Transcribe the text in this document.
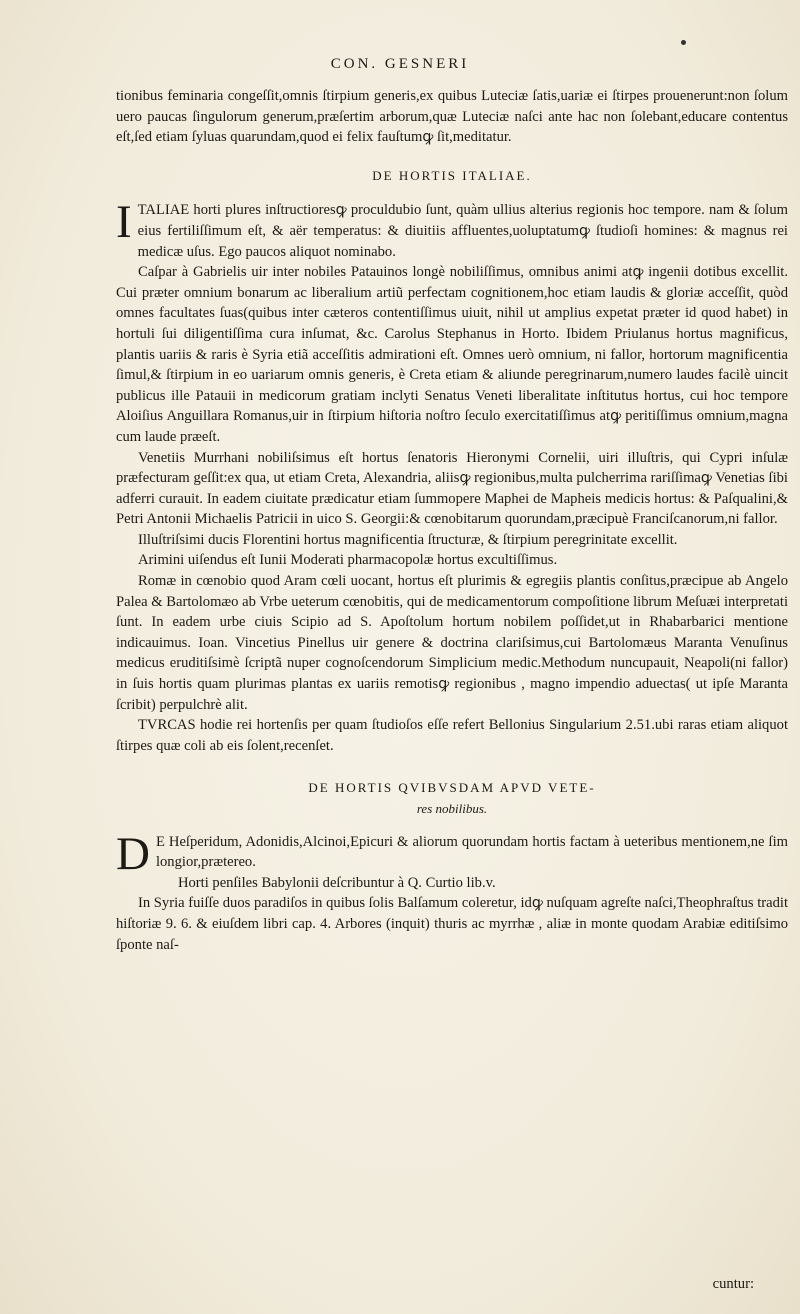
CON. GESNERI

tionibus feminaria congeſſit,omnis ſtirpium generis,ex quibus Luteciæ ſatis,uariæ ei ſtirpes prouenerunt:non ſolum uero paucas ſingulorum generum,præſertim arborum,quæ Luteciæ naſci ante hac non ſolebant,educare contentus eſt,ſed etiam ſyluas quarundam,quod ei felix fauſtumꝙ ſit,meditatur.

DE HORTIS ITALIAE.
I TALIAE horti plures inſtructioresꝙ proculdubio ſunt, quàm ullius alterius regionis hoc tempore. nam & ſolum eius fertiliſſimum eſt, & aër temperatus: & diuitiis affluentes,uoluptatumꝙ ſtudioſi homines: & magnus rei medicæ uſus. Ego paucos aliquot nominabo.

Caſpar à Gabrielis uir inter nobiles Patauinos longè nobiliſſimus, omnibus animi atꝙ ingenii dotibus excellit. Cui præter omnium bonarum ac liberalium artiũ perfectam cognitionem,hoc etiam laudis & gloriæ acceſſit, quòd omnes facultates ſuas(quibus inter cæteros contentiſſimus uiuit, nihil ut amplius expetat præter id quod habet) in hortuli ſui diligentiſſima cura inſumat, &c. Carolus Stephanus in Horto. Ibidem Priulanus hortus magnificus, plantis uariis & raris è Syria etiã acceſſitis admirationi eſt. Omnes uerò omnium, ni fallor, hortorum magnificentia ſimul,& ſtirpium in eo uariarum omnis generis, è Creta etiam & aliunde peregrinarum,numero laudes facilè uincit publicus ille Patauii in medicorum gratiam inclyti Senatus Veneti liberalitate inſtitutus hortus, cui hoc tempore Aloiſius Anguillara Romanus,uir in ſtirpium hiſtoria noſtro ſeculo exercitatiſſimus atꝙ peritiſſimus omnium,magna cum laude præeſt.

Venetiis Murrhani nobiliſsimus eſt hortus ſenatoris Hieronymi Cornelii, uiri illuſtris, qui Cypri inſulæ præfecturam geſſit:ex qua, ut etiam Creta, Alexandria, aliisꝙ regionibus,multa pulcherrima rariſſimaꝙ Venetias ſibi adferri curauit. In eadem ciuitate prædicatur etiam ſummopere Maphei de Mapheis medicis hortus: & Paſqualini,& Petri Antonii Michaelis Patricii in uico S. Georgii:& cœnobitarum quorundam,præcipuè Franciſcanorum,ni fallor.

Illuſtriſsimi ducis Florentini hortus magnificentia ſtructuræ, & ſtirpium peregrinitate excellit.

Arimini uiſendus eſt Iunii Moderati pharmacopolæ hortus excultiſſimus.

Romæ in cœnobio quod Aram cœli uocant, hortus eſt plurimis & egregiis plantis conſitus,præcipue ab Angelo Palea & Bartolomæo ab Vrbe ueterum cœnobitis, qui de medicamentorum compoſitione librum Meſuæi interpretati ſunt. In eadem urbe ciuis Scipio ad S. Apoſtolum hortum nobilem poſſidet,ut in Rhabarbarici mentione indicauimus. Ioan. Vincetius Pinellus uir genere & doctrina clariſsimus,cui Bartolomæus Maranta Venuſinus medicus eruditiſsimè ſcriptã nuper cognoſcendorum Simplicium medic.Methodum nuncupauit, Neapoli(ni fallor) in ſuis hortis quam plurimas plantas ex uariis remotisꝙ regionibus , magno impendio aduectas( ut ipſe Maranta ſcribit) perpulchrè alit.

TVRCAS hodie rei hortenſis per quam ſtudioſos eſſe refert Bellonius Singularium 2.51.ubi raras etiam aliquot ſtirpes quæ coli ab eis ſolent,recenſet.

DE HORTIS QVIBVSDAM APVD VETE-
res nobilibus.
D E Heſperidum, Adonidis,Alcinoi,Epicuri & aliorum quorundam hortis factam à ueteribus mentionem,ne ſim longior,prætereo.

Horti penſiles Babylonii deſcribuntur à Q. Curtio lib.v.

In Syria fuiſſe duos paradiſos in quibus ſolis Balſamum coleretur, idꝙ nuſquam agreſte naſci,Theophraſtus tradit hiſtoriæ 9. 6. & eiuſdem libri cap. 4. Arbores (inquit) thuris ac myrrhæ , aliæ in monte quodam Arabiæ editiſsimo ſponte naſ-

cuntur:
